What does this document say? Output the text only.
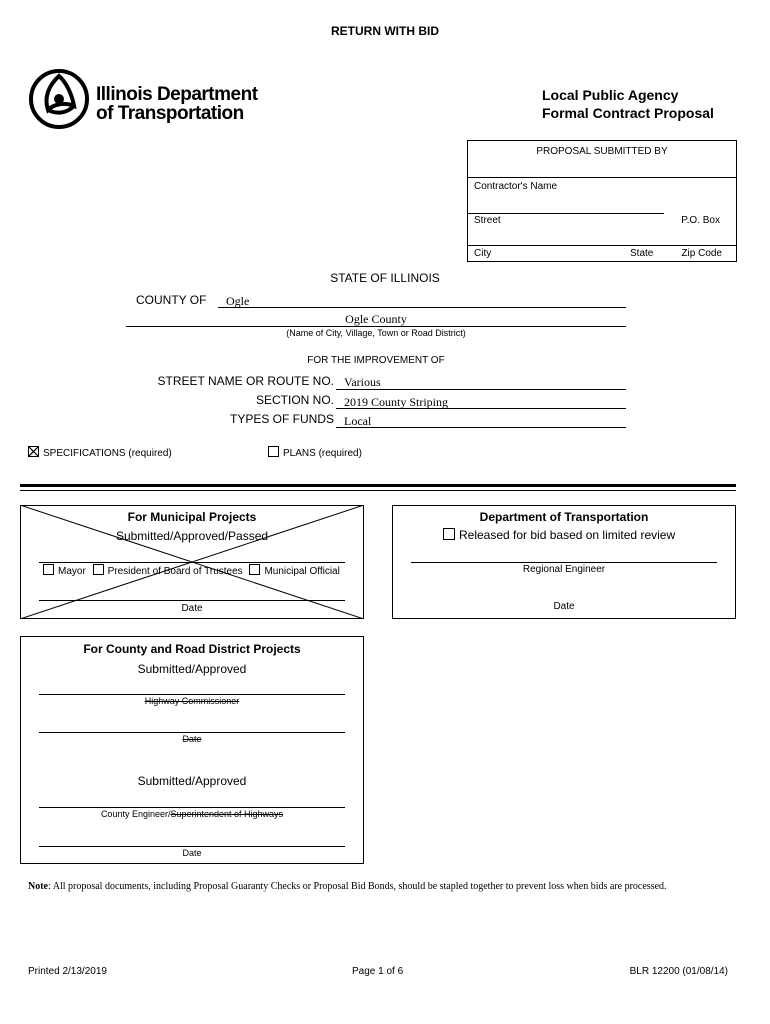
RETURN WITH BID
Illinois Department
of Transportation
Local Public Agency
Formal Contract Proposal
PROPOSAL SUBMITTED BY
Contractor's Name
Street	P.O. Box
City	State	Zip Code
STATE OF ILLINOIS
COUNTY OF Ogle
Ogle County
(Name of City, Village, Town or Road District)
FOR THE IMPROVEMENT OF
STREET NAME OR ROUTE NO. Various
SECTION NO. 2019 County Striping
TYPES OF FUNDS Local
SPECIFICATIONS (required)	PLANS (required)
For Municipal Projects
Submitted/Approved/Passed
Mayor President of Board of Trustees Municipal Official
Date
Department of Transportation
Released for bid based on limited review
Regional Engineer
Date
For County and Road District Projects
Submitted/Approved
Highway Commissioner
Date
Submitted/Approved
County Engineer/Superintendent of Highways
Date
Note: All proposal documents, including Proposal Guaranty Checks or Proposal Bid Bonds, should be stapled together to prevent loss when bids are processed.
Printed 2/13/2019	Page 1 of 6	BLR 12200 (01/08/14)
